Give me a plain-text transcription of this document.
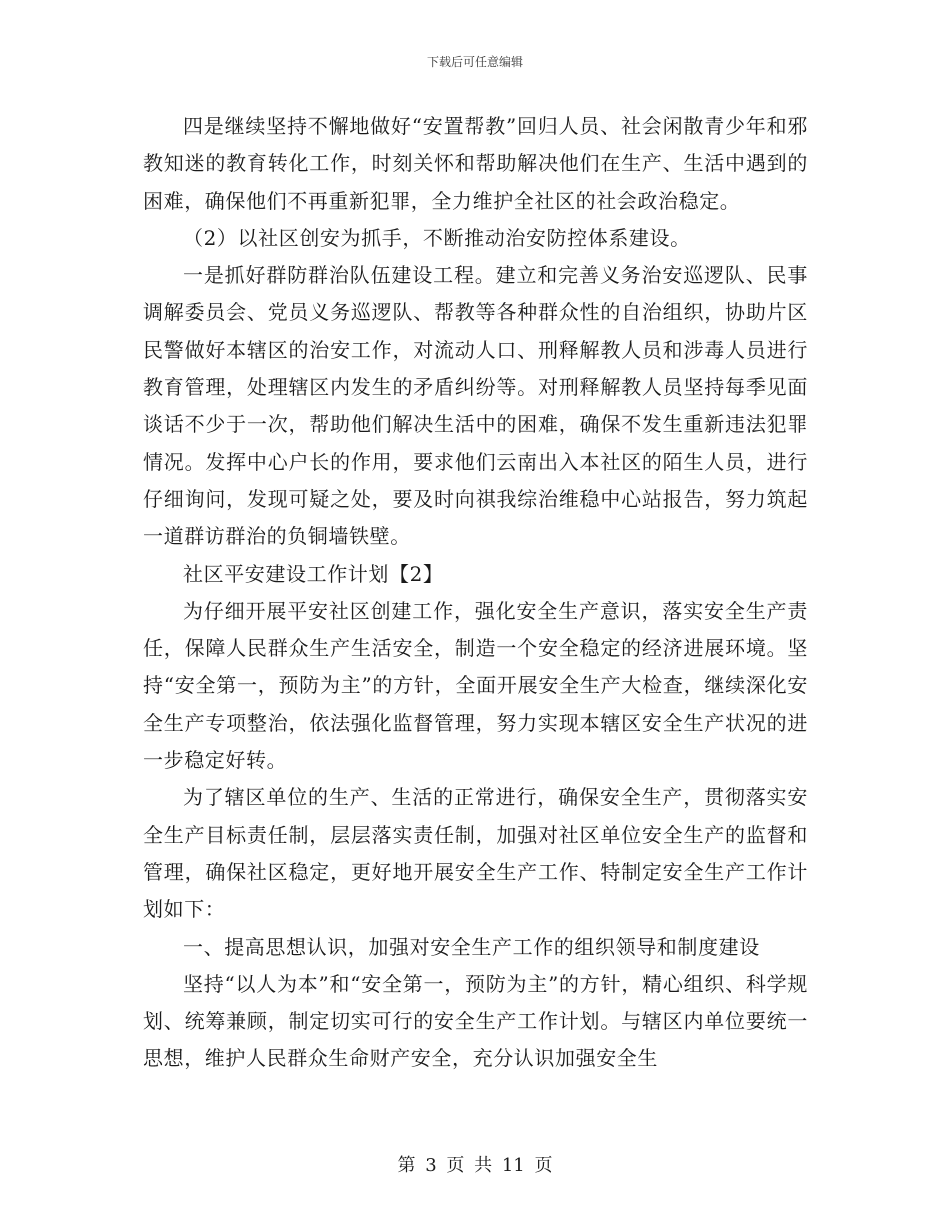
下载后可任意编辑

四是继续坚持不懈地做好“安置帮教”回归人员、社会闲散青少年和邪教知迷的教育转化工作，时刻关怀和帮助解决他们在生产、生活中遇到的困难，确保他们不再重新犯罪，全力维护全社区的社会政治稳定。

（2）以社区创安为抓手，不断推动治安防控体系建设。

一是抓好群防群治队伍建设工程。建立和完善义务治安巡逻队、民事调解委员会、党员义务巡逻队、帮教等各种群众性的自治组织，协助片区民警做好本辖区的治安工作，对流动人口、刑释解教人员和涉毒人员进行教育管理，处理辖区内发生的矛盾纠纷等。对刑释解教人员坚持每季见面谈话不少于一次，帮助他们解决生活中的困难，确保不发生重新违法犯罪情况。发挥中心户长的作用，要求他们云南出入本社区的陌生人员，进行仔细询问，发现可疑之处，要及时向祺我综治维稳中心站报告，努力筑起一道群访群治的负铜墙铁壁。

社区平安建设工作计划【2】

为仔细开展平安社区创建工作，强化安全生产意识，落实安全生产责任，保障人民群众生产生活安全，制造一个安全稳定的经济进展环境。坚持“安全第一，预防为主”的方针，全面开展安全生产大检查，继续深化安全生产专项整治，依法强化监督管理，努力实现本辖区安全生产状况的进一步稳定好转。

为了辖区单位的生产、生活的正常进行，确保安全生产，贯彻落实安全生产目标责任制，层层落实责任制，加强对社区单位安全生产的监督和管理，确保社区稳定，更好地开展安全生产工作、特制定安全生产工作计划如下：

一、提高思想认识，加强对安全生产工作的组织领导和制度建设

坚持“以人为本”和“安全第一，预防为主”的方针，精心组织、科学规划、统筹兼顾，制定切实可行的安全生产工作计划。与辖区内单位要统一思想，维护人民群众生命财产安全，充分认识加强安全生

第 3 页 共 11 页
